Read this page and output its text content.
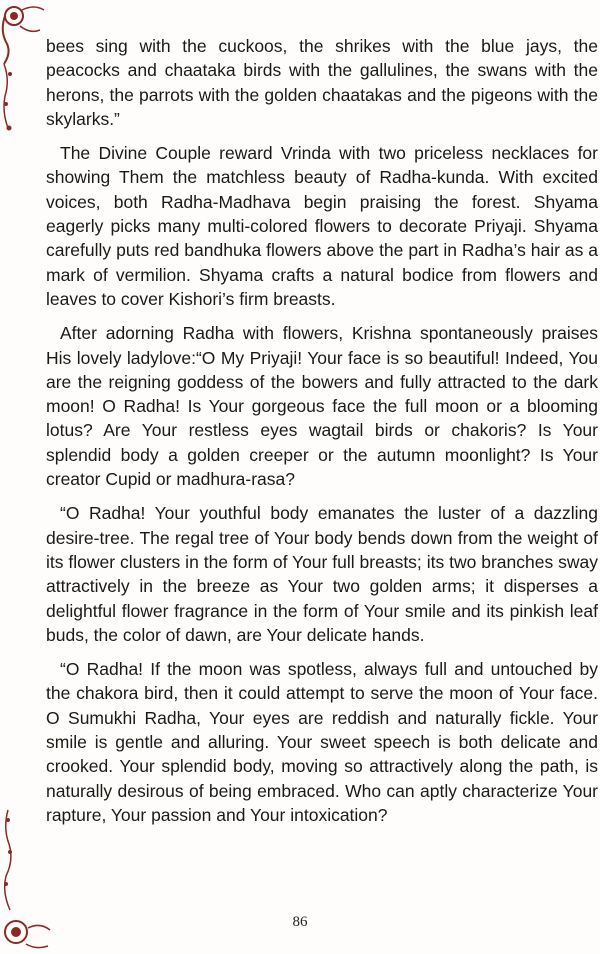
bees sing with the cuckoos, the shrikes with the blue jays, the peacocks and chaataka birds with the gallulines, the swans with the herons, the parrots with the golden chaatakas and the pigeons with the skylarks.”

The Divine Couple reward Vrinda with two priceless necklaces for showing Them the matchless beauty of Radha-kunda. With excited voices, both Radha-Madhava begin praising the forest. Shyama eagerly picks many multi-colored flowers to decorate Priyaji. Shyama carefully puts red bandhuka flowers above the part in Radha’s hair as a mark of vermilion. Shyama crafts a natural bodice from flowers and leaves to cover Kishori’s firm breasts.

After adorning Radha with flowers, Krishna spontaneously praises His lovely ladylove:“O My Priyaji! Your face is so beautiful! Indeed, You are the reigning goddess of the bowers and fully attracted to the dark moon! O Radha! Is Your gorgeous face the full moon or a blooming lotus? Are Your restless eyes wagtail birds or chakoris? Is Your splendid body a golden creeper or the autumn moonlight? Is Your creator Cupid or madhura-rasa?

“O Radha! Your youthful body emanates the luster of a dazzling desire-tree. The regal tree of Your body bends down from the weight of its flower clusters in the form of Your full breasts; its two branches sway attractively in the breeze as Your two golden arms; it disperses a delightful flower fragrance in the form of Your smile and its pinkish leaf buds, the color of dawn, are Your delicate hands.

“O Radha! If the moon was spotless, always full and untouched by the chakora bird, then it could attempt to serve the moon of Your face. O Sumukhi Radha, Your eyes are reddish and naturally fickle. Your smile is gentle and alluring. Your sweet speech is both delicate and crooked. Your splendid body, moving so attractively along the path, is naturally desirous of being embraced. Who can aptly characterize Your rapture, Your passion and Your intoxication?

86
